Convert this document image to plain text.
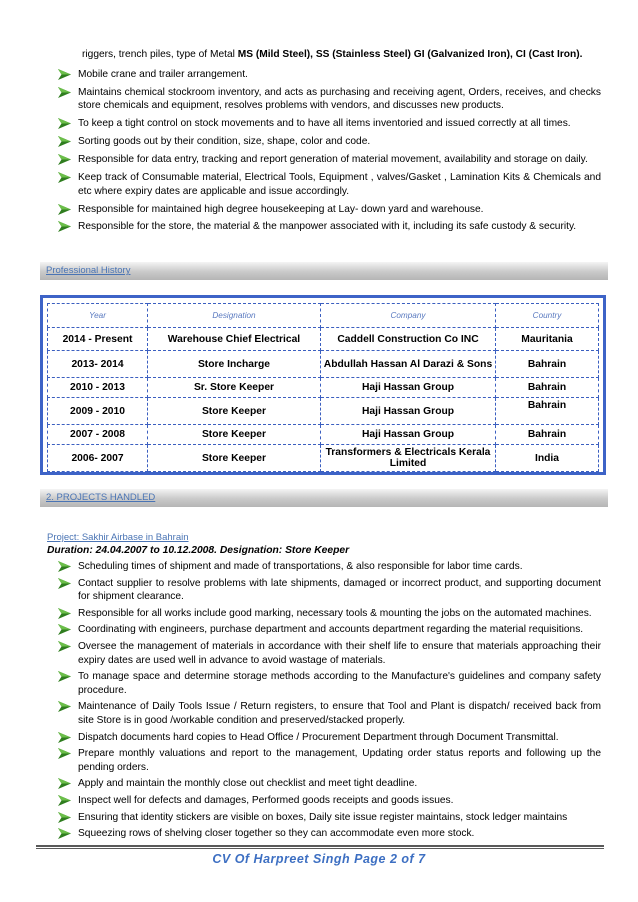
riggers, trench piles, type of Metal MS (Mild Steel), SS (Stainless Steel) GI (Galvanized Iron), CI (Cast Iron).
Mobile crane and trailer arrangement.
Maintains chemical stockroom inventory, and acts as purchasing and receiving agent, Orders, receives, and checks store chemicals and equipment, resolves problems with vendors, and discusses new products.
To keep a tight control on stock movements and to have all items inventoried and issued correctly at all times.
Sorting goods out by their condition, size, shape, color and code.
Responsible for data entry, tracking and report generation of material movement, availability and storage on daily.
Keep track of Consumable material, Electrical Tools, Equipment , valves/Gasket , Lamination Kits & Chemicals and etc where expiry dates are applicable and issue accordingly.
Responsible for maintained high degree housekeeping at Lay- down yard and warehouse.
Responsible for the store, the material & the manpower associated with it, including its safe custody & security.
Professional History
Year	Designation	Company	Country
2014 - Present	Warehouse Chief Electrical	Caddell Construction Co INC	Mauritania
2013- 2014	Store Incharge	Abdullah Hassan Al Darazi & Sons	Bahrain
2010 - 2013	Sr. Store Keeper	Haji Hassan Group	Bahrain
2009 - 2010	Store Keeper	Haji Hassan Group	Bahrain
2007 - 2008	Store Keeper	Haji Hassan Group	Bahrain
2006- 2007	Store Keeper	Transformers & Electricals Kerala Limited	India
2. PROJECTS HANDLED
Project: Sakhir Airbase in Bahrain
Duration: 24.04.2007 to 10.12.2008. Designation: Store Keeper
Scheduling times of shipment and made of transportations, & also responsible for labor time cards.
Contact supplier to resolve problems with late shipments, damaged or incorrect product, and supporting document for shipment clearance.
Responsible for all works include good marking, necessary tools & mounting the jobs on the automated machines.
Coordinating with engineers, purchase department and accounts department regarding the material requisitions.
Oversee the management of materials in accordance with their shelf life to ensure that materials approaching their expiry dates are used well in advance to avoid wastage of materials.
To manage space and determine storage methods according to the Manufacture's guidelines and company safety procedure.
Maintenance of Daily Tools Issue / Return registers, to ensure that Tool and Plant is dispatch/ received back from site Store is in good /workable condition and preserved/stacked properly.
Dispatch documents hard copies to Head Office / Procurement Department through Document Transmittal.
Prepare monthly valuations and report to the management, Updating order status reports and following up the pending orders.
Apply and maintain the monthly close out checklist and meet tight deadline.
Inspect well for defects and damages, Performed goods receipts and goods issues.
Ensuring that identity stickers are visible on boxes, Daily site issue register maintains, stock ledger maintains
Squeezing rows of shelving closer together so they can accommodate even more stock.
CV Of Harpreet Singh Page 2 of 7
